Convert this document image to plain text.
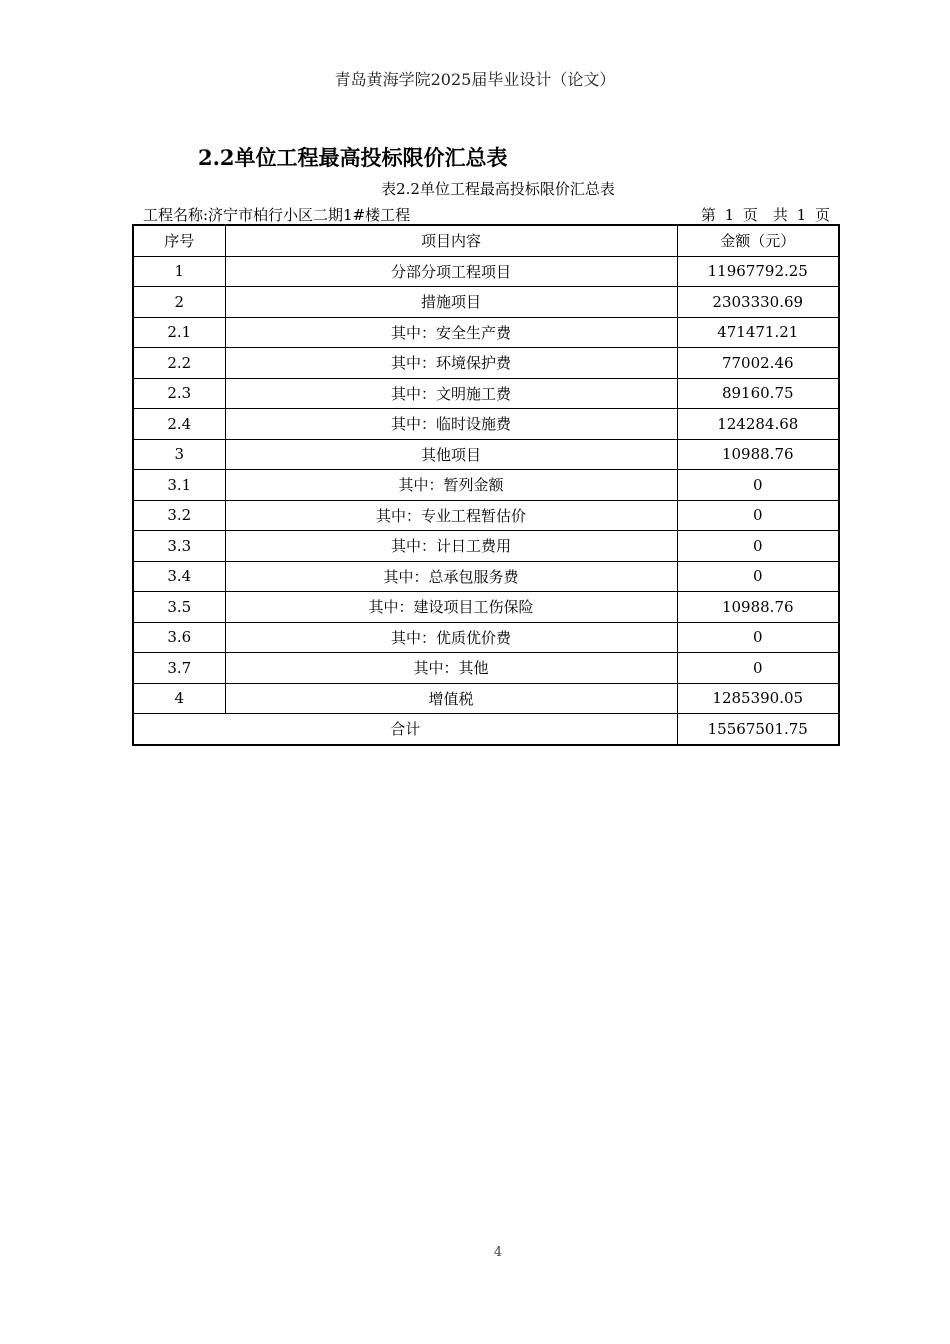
青岛黄海学院2025届毕业设计（论文）
2.2单位工程最高投标限价汇总表
表2.2单位工程最高投标限价汇总表
工程名称:济宁市柏行小区二期1#楼工程	第 1 页　共 1 页
序号	项目内容	金额（元）
1	分部分项工程项目	11967792.25
2	措施项目	2303330.69
2.1	其中：安全生产费	471471.21
2.2	其中：环境保护费	77002.46
2.3	其中：文明施工费	89160.75
2.4	其中：临时设施费	124284.68
3	其他项目	10988.76
3.1	其中：暂列金额	0
3.2	其中：专业工程暂估价	0
3.3	其中：计日工费用	0
3.4	其中：总承包服务费	0
3.5	其中：建设项目工伤保险	10988.76
3.6	其中：优质优价费	0
3.7	其中：其他	0
4	增值税	1285390.05
合计		15567501.75
4
